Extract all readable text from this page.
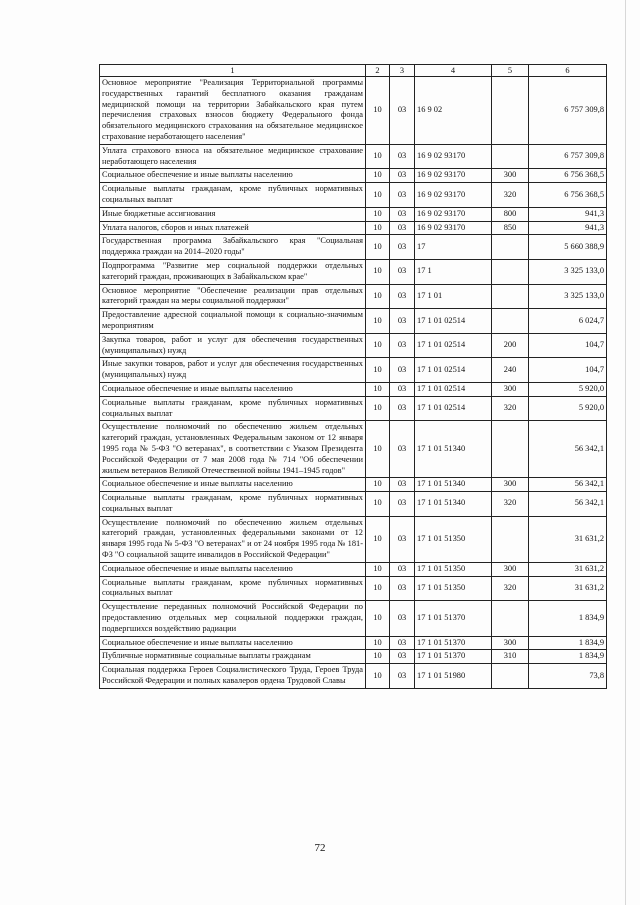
1	2	3	4	5	6
Основное мероприятие "Реализация Территориальной программы государственных гарантий бесплатного оказания гражданам медицинской помощи на территории Забайкальского края путем перечисления страховых взносов бюджету Федерального фонда обязательного медицинского страхования на обязательное медицинское страхование неработающего населения"	10	03	16 9 02		6 757 309,8
Уплата страхового взноса на обязательное медицинское страхование неработающего населения	10	03	16 9 02 93170		6 757 309,8
Социальное обеспечение и иные выплаты населению	10	03	16 9 02 93170	300	6 756 368,5
Социальные выплаты гражданам, кроме публичных нормативных социальных выплат	10	03	16 9 02 93170	320	6 756 368,5
Иные бюджетные ассигнования	10	03	16 9 02 93170	800	941,3
Уплата налогов, сборов и иных платежей	10	03	16 9 02 93170	850	941,3
Государственная программа Забайкальского края "Социальная поддержка граждан на 2014–2020 годы"	10	03	17		5 660 388,9
Подпрограмма "Развитие мер социальной поддержки отдельных категорий граждан, проживающих в Забайкальском крае"	10	03	17 1		3 325 133,0
Основное мероприятие "Обеспечение реализации прав отдельных категорий граждан на меры социальной поддержки"	10	03	17 1 01		3 325 133,0
Предоставление адресной социальной помощи к социально-значимым мероприятиям	10	03	17 1 01 02514		6 024,7
Закупка товаров, работ и услуг для обеспечения государственных (муниципальных) нужд	10	03	17 1 01 02514	200	104,7
Иные закупки товаров, работ и услуг для обеспечения государственных (муниципальных) нужд	10	03	17 1 01 02514	240	104,7
Социальное обеспечение и иные выплаты населению	10	03	17 1 01 02514	300	5 920,0
Социальные выплаты гражданам, кроме публичных нормативных социальных выплат	10	03	17 1 01 02514	320	5 920,0
Осуществление полномочий по обеспечению жильем отдельных категорий граждан, установленных Федеральным законом от 12 января 1995 года № 5-ФЗ "О ветеранах", в соответствии с Указом Президента Российской Федерации от 7 мая 2008 года № 714 "Об обеспечении жильем ветеранов Великой Отечественной войны 1941–1945 годов"	10	03	17 1 01 51340		56 342,1
Социальное обеспечение и иные выплаты населению	10	03	17 1 01 51340	300	56 342,1
Социальные выплаты гражданам, кроме публичных нормативных социальных выплат	10	03	17 1 01 51340	320	56 342,1
Осуществление полномочий по обеспечению жильем отдельных категорий граждан, установленных федеральными законами от 12 января 1995 года № 5-ФЗ "О ветеранах" и от 24 ноября 1995 года № 181-ФЗ "О социальной защите инвалидов в Российской Федерации"	10	03	17 1 01 51350		31 631,2
Социальное обеспечение и иные выплаты населению	10	03	17 1 01 51350	300	31 631,2
Социальные выплаты гражданам, кроме публичных нормативных социальных выплат	10	03	17 1 01 51350	320	31 631,2
Осуществление переданных полномочий Российской Федерации по предоставлению отдельных мер социальной поддержки граждан, подвергшихся воздействию радиации	10	03	17 1 01 51370		1 834,9
Социальное обеспечение и иные выплаты населению	10	03	17 1 01 51370	300	1 834,9
Публичные нормативные социальные выплаты гражданам	10	03	17 1 01 51370	310	1 834,9
Социальная поддержка Героев Социалистического Труда, Героев Труда Российской Федерации и полных кавалеров ордена Трудовой Славы	10	03	17 1 01 51980		73,8
72
